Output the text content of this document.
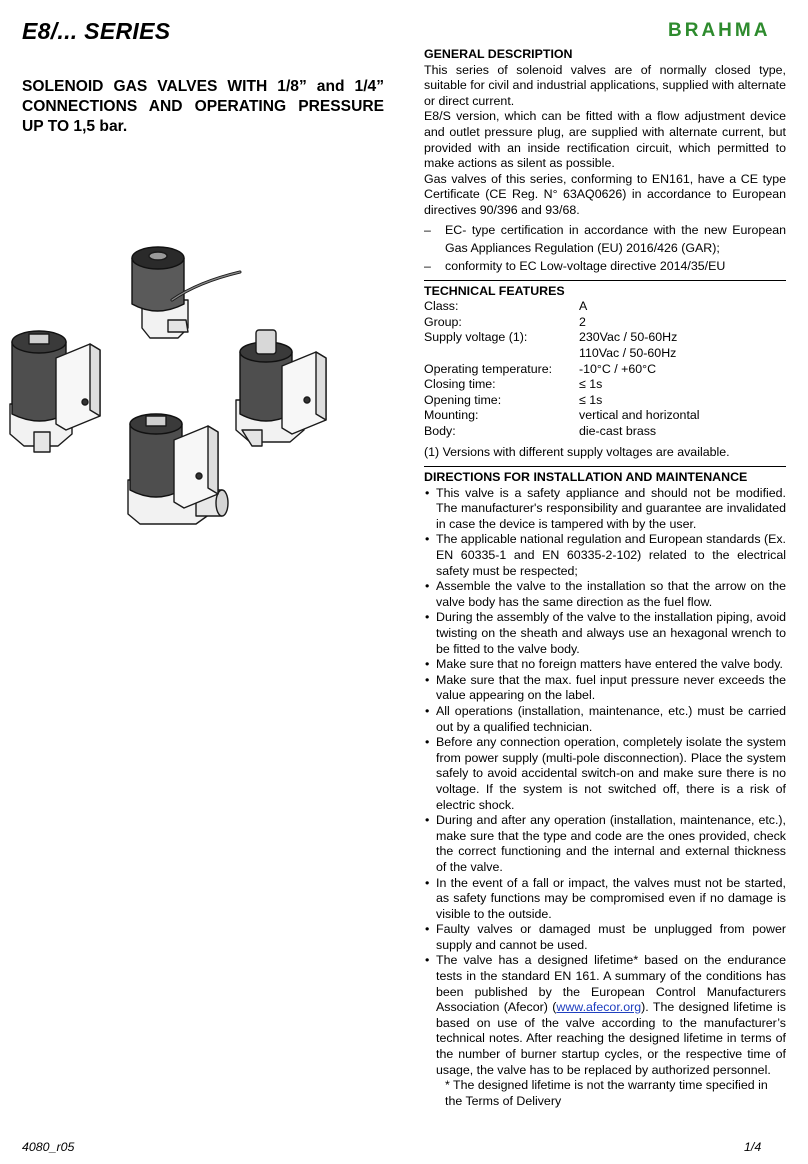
E8/... SERIES	BRAHMA
SOLENOID GAS VALVES WITH 1/8” and 1/4” CONNECTIONS AND OPERATING PRESSURE UP TO 1,5 bar.
GENERAL DESCRIPTION

This series of solenoid valves are of normally closed type, suitable for civil and industrial applications, supplied with alternate or direct current.

E8/S version, which can be fitted with a flow adjustment device and outlet pressure plug, are supplied with alternate current, but provided with an inside rectification circuit, which permitted to make actions as silent as possible.

Gas valves of this series, conforming to EN161, have a CE type Certificate (CE Reg. N° 63AQ0626) in accordance to European directives 90/396 and 93/68.

– EC- type certification in accordance with the new European Gas Appliances Regulation (EU) 2016/426 (GAR);
– conformity to EC Low-voltage directive 2014/35/EU
TECHNICAL FEATURES
Class:	A
Group:	2
Supply voltage (1):	230Vac / 50-60Hz
110Vac / 50-60Hz
Operating temperature:	-10°C / +60°C
Closing time:	≤ 1s
Opening time:	≤ 1s
Mounting:	vertical and horizontal
Body:	die-cast brass

(1) Versions with different supply voltages are available.

DIRECTIONS FOR INSTALLATION AND MAINTENANCE
• This valve is a safety appliance and should not be modified. The manufacturer's responsibility and guarantee are invalidated in case the device is tampered with by the user.
• The applicable national regulation and European standards (Ex. EN 60335-1 and EN 60335-2-102) related to the electrical safety must be respected;
• Assemble the valve to the installation so that the arrow on the valve body has the same direction as the fuel flow.
• During the assembly of the valve to the installation piping, avoid twisting on the sheath and always use an hexagonal wrench to be fitted to the valve body.
• Make sure that no foreign matters have entered the valve body.
• Make sure that the max. fuel input pressure never exceeds the value appearing on the label.
• All operations (installation, maintenance, etc.) must be carried out by a qualified technician.
• Before any connection operation, completely isolate the system from power supply (multi-pole disconnection). Place the system safely to avoid accidental switch-on and make sure there is no voltage. If the system is not switched off, there is a risk of electric shock.
• During and after any operation (installation, maintenance, etc.), make sure that the type and code are the ones provided, check the correct functioning and the internal and external thickness of the valve.
• In the event of a fall or impact, the valves must not be started, as safety functions may be compromised even if no damage is visible to the outside.
• Faulty valves or damaged must be unplugged from power supply and cannot be used.
• The valve has a designed lifetime* based on the endurance tests in the standard EN 161. A summary of the conditions has been published by the European Control Manufacturers Association (Afecor) (www.afecor.org). The designed lifetime is based on use of the valve according to the manufacturer’s technical notes. After reaching the designed lifetime in terms of the number of burner startup cycles, or the respective time of usage, the valve has to be replaced by authorized personnel.

* The designed lifetime is not the warranty time specified in the Terms of Delivery

4080_r05	1/4
